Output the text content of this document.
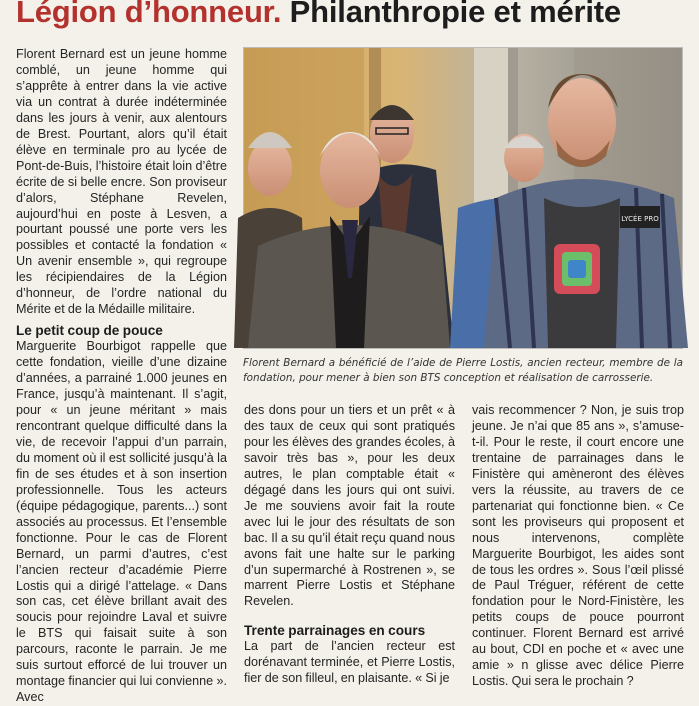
Légion d’honneur. Philanthropie et mérite

Florent Bernard est un jeune homme comblé, un jeune homme qui s’apprête à entrer dans la vie active via un contrat à durée indéterminée dans les jours à venir, aux alentours de Brest. Pourtant, alors qu’il était élève en terminale pro au lycée de Pont-de-Buis, l’histoire était loin d’être écrite de si belle encre. Son proviseur d’alors, Stéphane Revelen, aujourd’hui en poste à Lesven, a pourtant poussé une porte vers les possibles et contacté la fondation « Un avenir ensemble », qui regroupe les récipiendaires de la Légion d’honneur, de l’ordre national du Mérite et de la Médaille militaire.

Le petit coup de pouce

Marguerite Bourbigot rappelle que cette fondation, vieille d’une dizaine d’années, a parrainé 1.000 jeunes en France, jusqu’à maintenant. Il s’agit, pour « un jeune méritant » mais rencontrant quelque difficulté dans la vie, de recevoir l’appui d’un parrain, du moment où il est sollicité jusqu’à la fin de ses études et à son insertion professionnelle. Tous les acteurs (équipe pédagogique, parents...) sont associés au processus. Et l’ensemble fonctionne. Pour le cas de Florent Bernard, un parmi d’autres, c’est l’ancien recteur d’académie Pierre Lostis qui a dirigé l’attelage. « Dans son cas, cet élève brillant avait des soucis pour rejoindre Laval et suivre le BTS qui faisait suite à son parcours, raconte le parrain. Je me suis surtout efforcé de lui trouver un montage financier qui lui convienne ». Avec

LYCÉE PRO
Florent Bernard a bénéficié de l’aide de Pierre Lostis, ancien recteur, membre de la fondation, pour mener à bien son BTS conception et réalisation de carrosserie.

des dons pour un tiers et un prêt « à des taux de ceux qui sont pratiqués pour les élèves des grandes écoles, à savoir très bas », pour les deux autres, le plan comptable était « dégagé dans les jours qui ont suivi. Je me souviens avoir fait la route avec lui le jour des résultats de son bac. Il a su qu’il était reçu quand nous avons fait une halte sur le parking d’un supermarché à Rostrenen », se marrent Pierre Lostis et Stéphane Revelen.

Trente parrainages en cours

La part de l’ancien recteur est dorénavant terminée, et Pierre Lostis, fier de son filleul, en plaisante. « Si je

vais recommencer ? Non, je suis trop jeune. Je n’ai que 85 ans », s’amuse-t-il. Pour le reste, il court encore une trentaine de parrainages dans le Finistère qui amèneront des élèves vers la réussite, au travers de ce partenariat qui fonctionne bien. « Ce sont les proviseurs qui proposent et nous intervenons, complète Marguerite Bourbigot, les aides sont de tous les ordres ». Sous l’œil plissé de Paul Tréguer, référent de cette fondation pour le Nord-Finistère, les petits coups de pouce pourront continuer. Florent Bernard est arrivé au bout, CDI en poche et « avec une amie » n glisse avec délice Pierre Lostis. Qui sera le prochain ?
